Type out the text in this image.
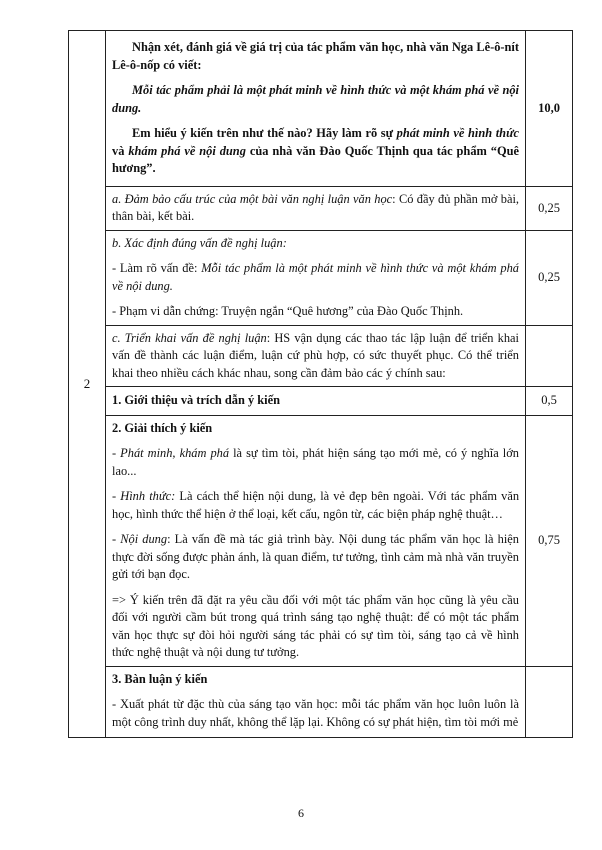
2	Nhận xét, đánh giá về giá trị của tác phẩm văn học, nhà văn Nga Lê-ô-nít Lê-ô-nốp có viết:

Mỗi tác phẩm phải là một phát minh về hình thức và một khám phá về nội dung.

Em hiểu ý kiến trên như thế nào? Hãy làm rõ sự phát minh về hình thức và khám phá về nội dung của nhà văn Đào Quốc Thịnh qua tác phẩm “Quê hương”.	10,0
	a. Đảm bảo cấu trúc của một bài văn nghị luận văn học: Có đầy đủ phần mở bài, thân bài, kết bài.	0,25

	b. Xác định đúng vấn đề nghị luận:

- Làm rõ vấn đề: Mỗi tác phẩm là một phát minh về hình thức và một khám phá về nội dung.

- Phạm vi dẫn chứng: Truyện ngắn “Quê hương” của Đào Quốc Thịnh.	0,25
	c. Triển khai vấn đề nghị luận: HS vận dụng các thao tác lập luận để triển khai vấn đề thành các luận điểm, luận cứ phù hợp, có sức thuyết phục. Có thể triển khai theo nhiều cách khác nhau, song cần đảm bảo các ý chính sau:	
	1. Giới thiệu và trích dẫn ý kiến	0,5

	2. Giải thích ý kiến

- Phát minh, khám phá là sự tìm tòi, phát hiện sáng tạo mới mẻ, có ý nghĩa lớn lao...

- Hình thức: Là cách thể hiện nội dung, là vẻ đẹp bên ngoài. Với tác phẩm văn học, hình thức thể hiện ở thể loại, kết cấu, ngôn từ, các biện pháp nghệ thuật…

- Nội dung: Là vấn đề mà tác giả trình bày. Nội dung tác phẩm văn học là hiện thực đời sống được phản ánh, là quan điểm, tư tưởng, tình cảm mà nhà văn truyền gửi tới bạn đọc.

=> Ý kiến trên đã đặt ra yêu cầu đối với một tác phẩm văn học cũng là yêu cầu đối với người cầm bút trong quá trình sáng tạo nghệ thuật: để có một tác phẩm văn học thực sự đòi hỏi người sáng tác phải có sự tìm tòi, sáng tạo cả về hình thức nghệ thuật và nội dung tư tưởng.	0,75

	3. Bàn luận ý kiến

- Xuất phát từ đặc thù của sáng tạo văn học: mỗi tác phẩm văn học luôn luôn là một công trình duy nhất, không thể lặp lại. Không có sự phát hiện, tìm tòi mới mẻ	

6
